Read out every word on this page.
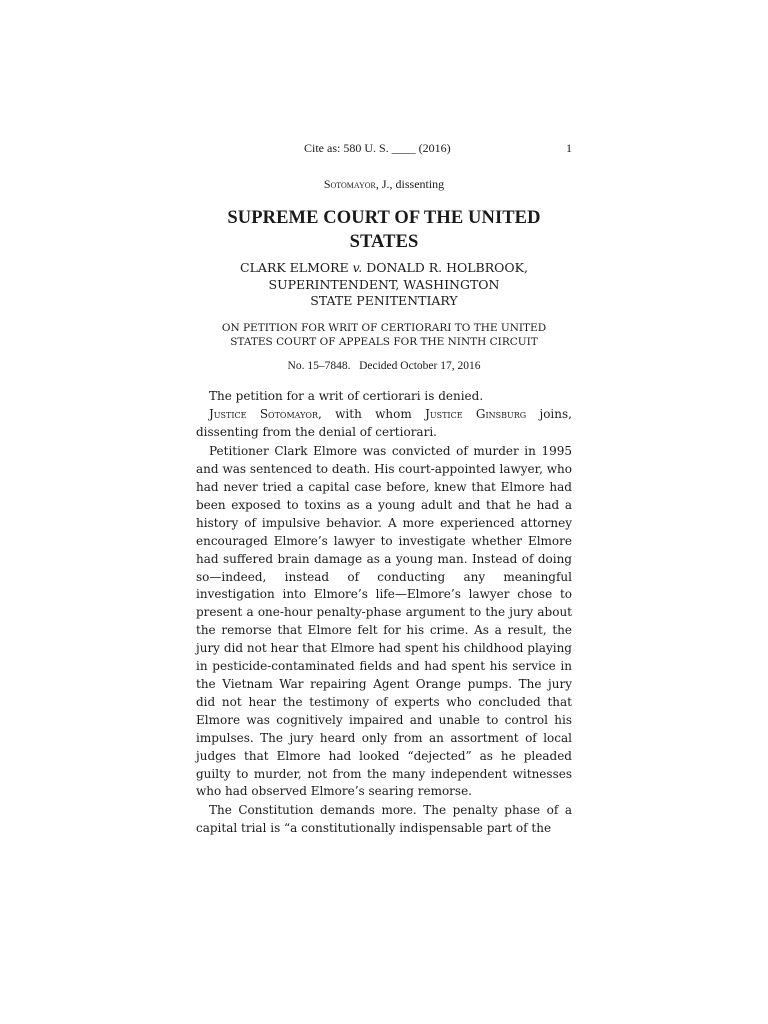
Cite as: 580 U. S. ____ (2016)	1
Sotomayor, J., dissenting
SUPREME COURT OF THE UNITED STATES
CLARK ELMORE v. DONALD R. HOLBROOK,
SUPERINTENDENT, WASHINGTON
STATE PENITENTIARY
ON PETITION FOR WRIT OF CERTIORARI TO THE UNITED
STATES COURT OF APPEALS FOR THE NINTH CIRCUIT
No. 15–7848. Decided October 17, 2016

The petition for a writ of certiorari is denied.

Justice Sotomayor, with whom Justice Ginsburg joins, dissenting from the denial of certiorari.

Petitioner Clark Elmore was convicted of murder in 1995 and was sentenced to death. His court-appointed lawyer, who had never tried a capital case before, knew that Elmore had been exposed to toxins as a young adult and that he had a history of impulsive behavior. A more experienced attorney encouraged Elmore’s lawyer to investigate whether Elmore had suffered brain damage as a young man. Instead of doing so—indeed, instead of conducting any meaningful investigation into Elmore’s life—Elmore’s lawyer chose to present a one-hour penalty-phase argument to the jury about the remorse that Elmore felt for his crime. As a result, the jury did not hear that Elmore had spent his childhood playing in pesticide-contaminated fields and had spent his service in the Vietnam War repairing Agent Orange pumps. The jury did not hear the testimony of experts who concluded that Elmore was cognitively impaired and unable to control his impulses. The jury heard only from an assortment of local judges that Elmore had looked “dejected” as he pleaded guilty to murder, not from the many independent witnesses who had observed Elmore’s searing remorse.

The Constitution demands more. The penalty phase of a capital trial is “a constitutionally indispensable part of the
